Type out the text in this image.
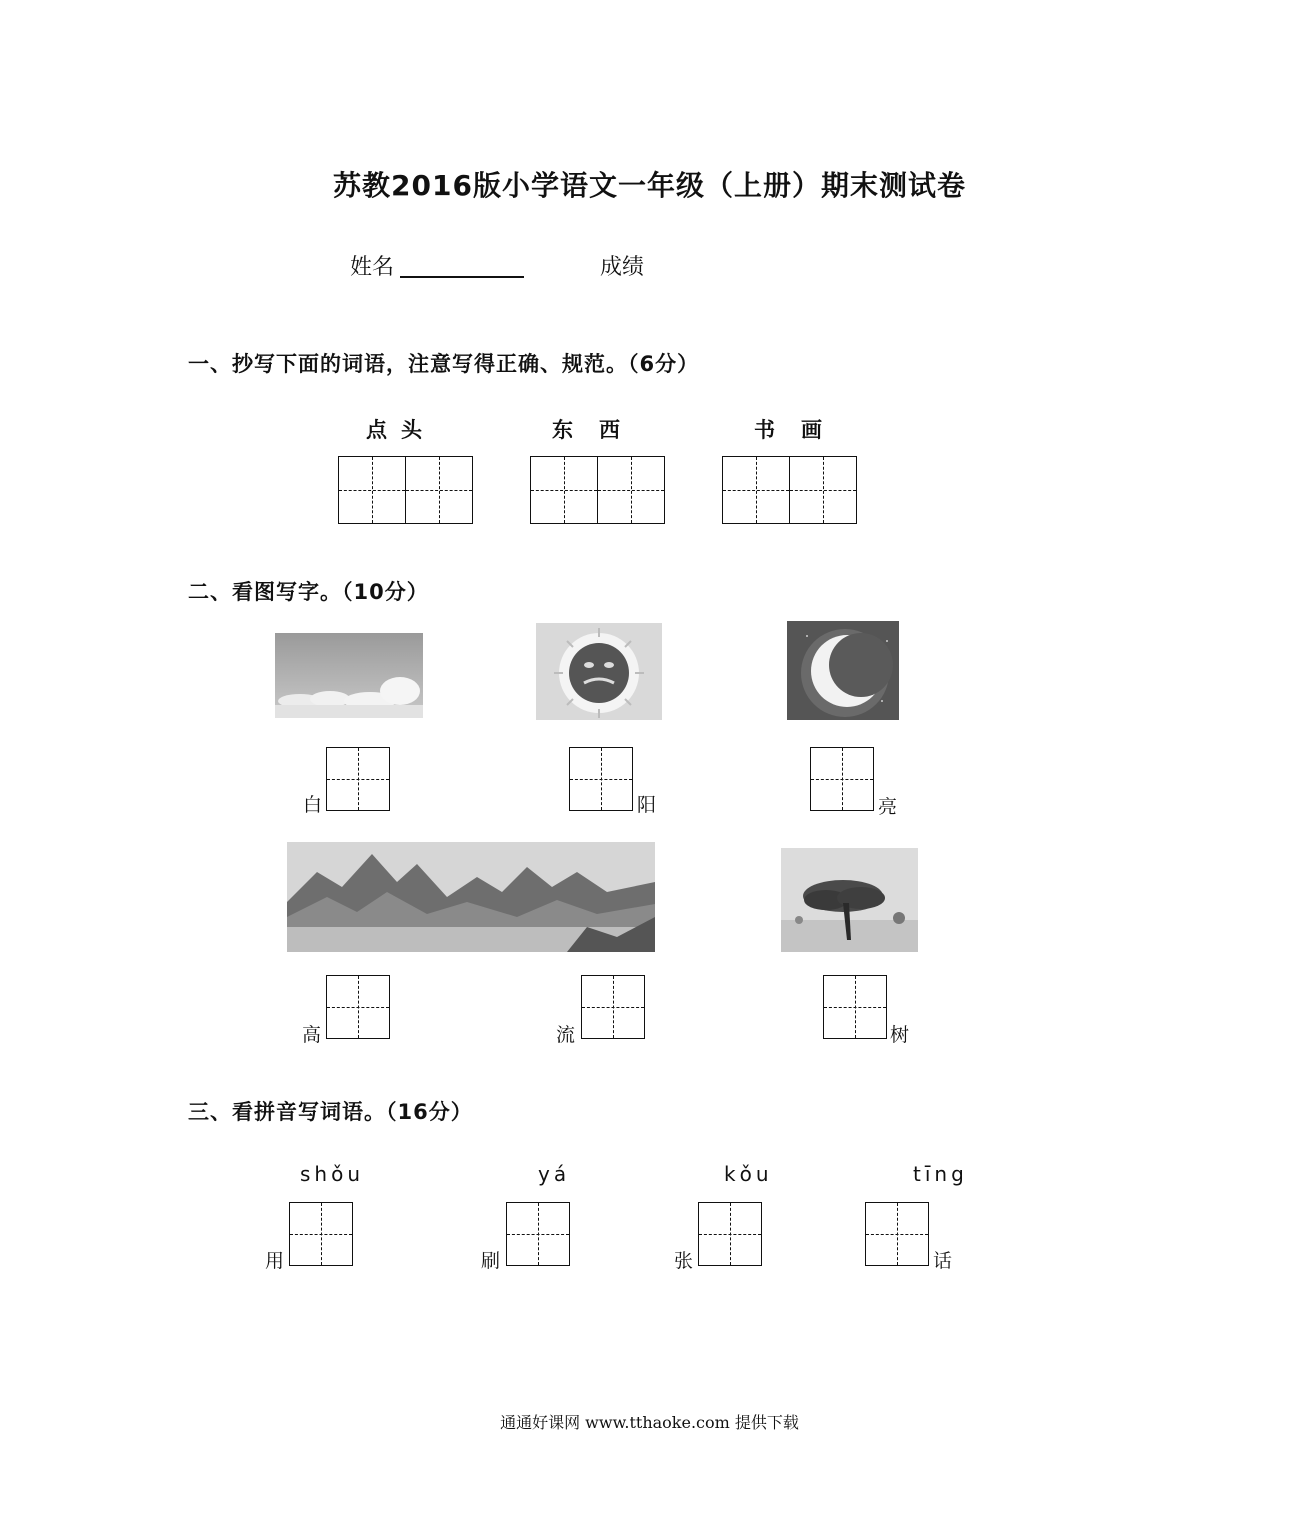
苏教2016版小学语文一年级（上册）期末测试卷
姓名	成绩
一、抄写下面的词语，注意写得正确、规范。（6分）
点头	东西	书画
二、看图写字。（10分）
白	阳	亮
高	流	树
三、看拼音写词语。（16分）
shǒu	yá	kǒu	tīng
用	刷	张	话
通通好课网 www.tthaoke.com 提供下载
